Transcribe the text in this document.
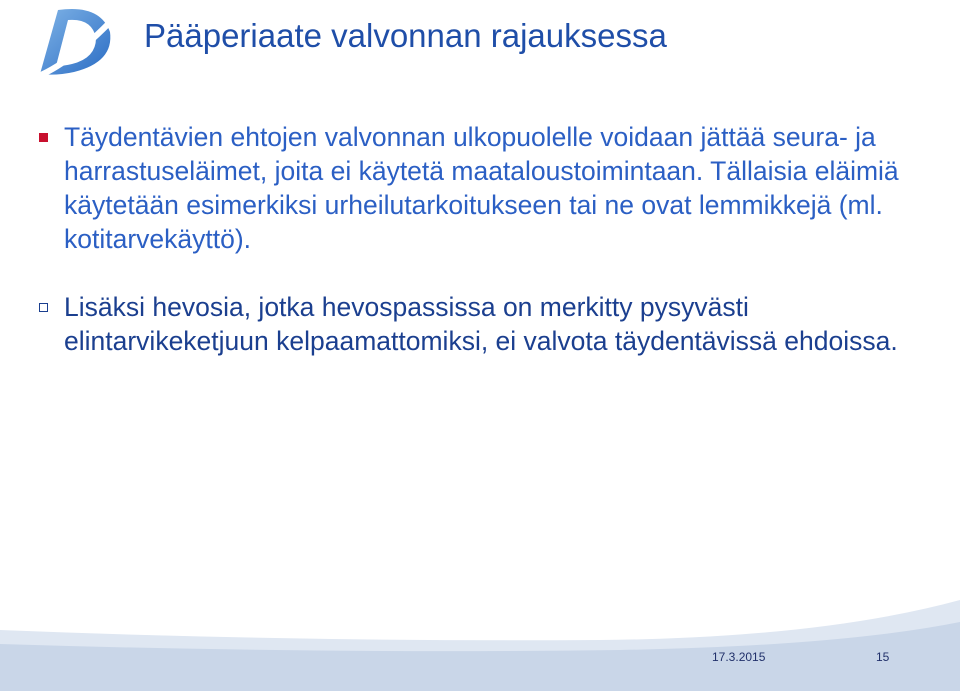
Pääperiaate valvonnan rajauksessa
Täydentävien ehtojen valvonnan ulkopuolelle voidaan jättää seura- ja harrastuseläimet, joita ei käytetä maataloustoimintaan. Tällaisia eläimiä käytetään esimerkiksi urheilutarkoitukseen tai ne ovat lemmikkejä (ml. kotitarvekäyttö).
Lisäksi hevosia, jotka hevospassissa on merkitty pysyvästi elintarvikeketjuun kelpaamattomiksi, ei valvota täydentävissä ehdoissa.
17.3.2015	15
